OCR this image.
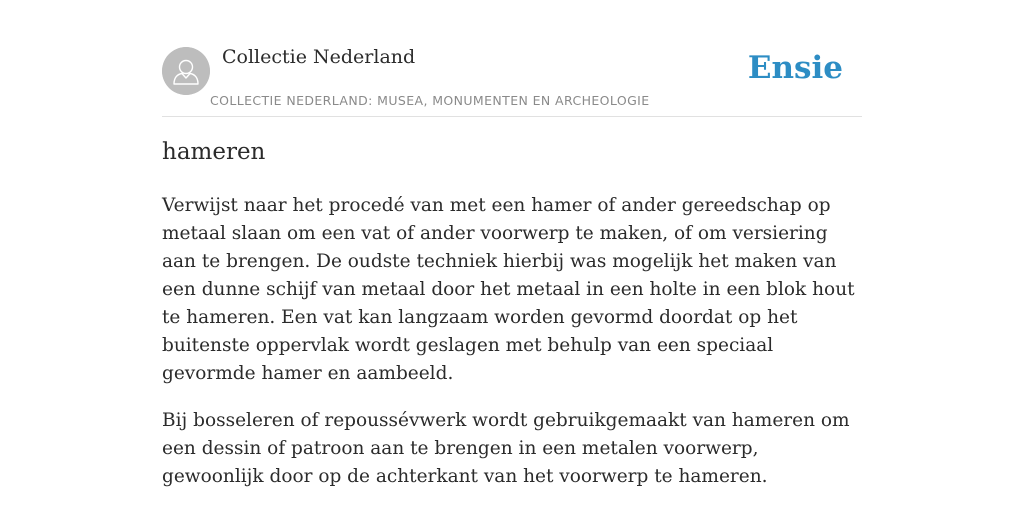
Collectie Nederland
COLLECTIE NEDERLAND: MUSEA, MONUMENTEN EN ARCHEOLOGIE
Ensie
hameren

Verwijst naar het procedé van met een hamer of ander gereedschap op metaal slaan om een vat of ander voorwerp te maken, of om versiering aan te brengen. De oudste techniek hierbij was mogelijk het maken van een dunne schijf van metaal door het metaal in een holte in een blok hout te hameren. Een vat kan langzaam worden gevormd doordat op het buitenste oppervlak wordt geslagen met behulp van een speciaal gevormde hamer en aambeeld.

Bij bosseleren of repoussévwerk wordt gebruikgemaakt van hameren om een dessin of patroon aan te brengen in een metalen voorwerp, gewoonlijk door op de achterkant van het voorwerp te hameren.
